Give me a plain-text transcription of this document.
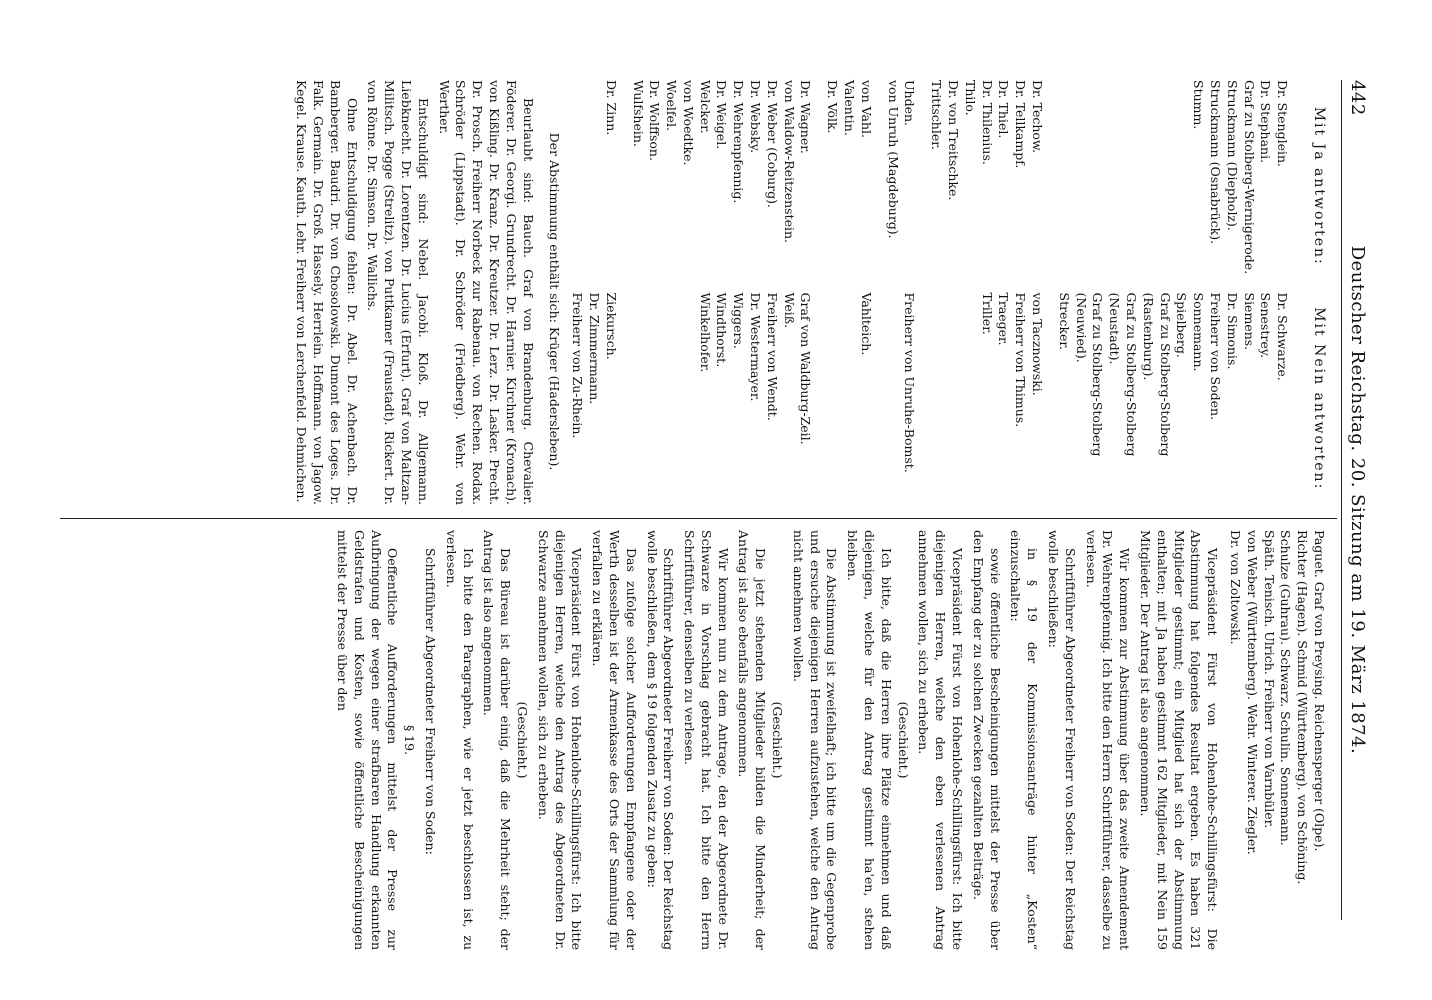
442
Deutscher Reichstag. 20. Sitzung am 19. März 1874.
Mit Ja antworten:
Mit Nein antworten:

Dr. Stenglein.

Dr. Stephani.

Graf zu Stolberg-Wernigerode.

Struckmann (Diepholz).

Struckmann (Osnabrück).

Stumm.

Dr. Schwarze.

Senestrey.

Siemens.

Dr. Simonis.

Freiherr von Soden.

Sonnemann.

Spielberg.

Graf zu Stolberg-Stolberg (Rastenburg).

Graf zu Stolberg-Stolberg (Neustadt).

Graf zu Stolberg-Stolberg (Neuwied).

Strecker.

Dr. Techow.

Dr. Tellkampf.

Dr. Thiel.

Dr. Thilenius.

Thilo.

Dr. von Treitschke.

Trittschler.

von Tacznowski.

Freiherr von Thimus.

Traeger.

Triller.

Uhden.

von Unruh (Magdeburg).

Freiherr von Unruhe-Bomst.

von Vahl.

Valentin.

Dr. Völk.

Vahlteich.

Dr. Wagner.

von Waldow-Reitzenstein.

Dr. Weber (Coburg).

Dr. Websky.

Dr. Wehrenpfennig.

Dr. Weigel.

Welcker.

von Woedtke.

Woelfel.

Dr. Wolffson.

Wulfshein.

Graf von Waldburg-Zeil.

Weiß.

Freiherr von Wendt.

Dr. Westermayer.

Wiggers.

Windthorst.

Winkelhofer.

Dr. Zinn.

Ziekursch.

Dr. Zimmermann.

Freiherr von Zu-Rhein.

Der Abstimmung enthält sich: Krüger (Hadersleben).

Beurlaubt sind: Bauch. Graf von Brandenburg. Chevalier. Föderer. Dr. Georgi. Grundrecht. Dr. Harnier. Kirchner (Kronach). von Kißling. Dr. Kranz. Dr. Kreutzer. Dr. Lerz. Dr. Lasker. Precht. Dr. Prosch. Freiherr Norbeck zur Rabenau. von Rechen. Rodax. Schröder (Lippstadt). Dr. Schröder (Friedberg). Wehr. von Werther.

Entschuldigt sind: Nebel. Jacobi. Kloß. Dr. Allgemann. Liebknecht. Dr. Lorentzen. Dr. Lucius (Erfurt). Graf von Maltzan-Militsch. Pogge (Strelitz). von Puttkamer (Fraustadt). Rickert. Dr. von Rönne. Dr. Simson. Dr. Wallichs.

Ohne Entschuldigung fehlen: Dr. Abel. Dr. Achenbach. Dr. Bamberger. Baudri. Dr. von Chosolowski. Dumont des Loges. Dr. Falk. Germain. Dr. Groß. Hassely. Herrlein. Hoffmann. von Jagow. Kegel. Krause. Kauth. Lehr. Freiherr von Lerchenfeld. Dehmichen.

Paguet. Graf von Preysing. Reichensperger (Olpe).

Richter (Hagen). Schmid (Württemberg). von Schöning.

Schulze (Guhrau). Schwarz. Schulin. Sonnemann.

Späth. Tenisch. Ulrich. Freiherr von Varnbüler.

von Weber (Württemberg). Wehr. Winterer. Ziegler.

Dr. von Zoltowski.

Vicepräsident Fürst von Hohenlohe-Schillingsfürst: Die Abstimmung hat folgendes Resultat ergeben. Es haben 321 Mitglieder gestimmt; ein Mitglied hat sich der Abstimmung enthalten; mit Ja haben gestimmt 162 Mitglieder, mit Nein 159 Mitglieder. Der Antrag ist also angenommen.

Wir kommen zur Abstimmung über das zweite Amendement Dr. Wehrenpfennig. Ich bitte den Herrn Schriftführer, dasselbe zu verlesen.

Schriftführer Abgeordneter Freiherr von Soden: Der Reichstag wolle beschließen:

in § 19 der Kommissionsanträge hinter „Kosten“ einzuschalten:

sowie öffentliche Bescheinigungen mittelst der Presse über den Empfang der zu solchen Zwecken gezahlten Beiträge.

Vicepräsident Fürst von Hohenlohe-Schillingsfürst: Ich bitte diejenigen Herren, welche den eben verlesenen Antrag annehmen wollen, sich zu erheben.

(Geschieht.)

Ich bitte, daß die Herren ihre Plätze einnehmen und daß diejenigen, welche für den Antrag gestimmt ha'en, stehen bleiben.

Die Abstimmung ist zweifelhaft; ich bitte um die Gegenprobe und ersuche diejenigen Herren aufzustehen, welche den Antrag nicht annehmen wollen.

(Geschieht.)

Die jetzt stehenden Mitglieder bilden die Minderheit; der Antrag ist also ebenfalls angenommen.

Wir kommen nun zu dem Antrage, den der Abgeordnete Dr. Schwarze in Vorschlag gebracht hat. Ich bitte den Herrn Schriftführer, denselben zu verlesen.

Schriftführer Abgeordneter Freiherr von Soden: Der Reichstag wolle beschließen, dem § 19 folgenden Zusatz zu geben:

Das zufolge solcher Aufforderungen Empfangene oder der Werth desselben ist der Armenkasse des Orts der Sammlung für verfallen zu erklären.

Vicepräsident Fürst von Hohenlohe-Schillingsfürst: Ich bitte diejenigen Herren, welche den Antrag des Abgeordneten Dr. Schwarze annehmen wollen, sich zu erheben.

(Geschieht.)

Das Büreau ist darüber einig, daß die Mehrheit steht; der Antrag ist also angenommen.

Ich bitte den Paragraphen, wie er jetzt beschlossen ist, zu verlesen.

Schriftführer Abgeordneter Freiherr von Soden:

§ 19.

Oeffentliche Aufforderungen mittelst der Presse zur Aufbringung der wegen einer strafbaren Handlung erkannten Geldstrafen und Kosten, sowie öffentliche Bescheinigungen mittelst der Presse über den
